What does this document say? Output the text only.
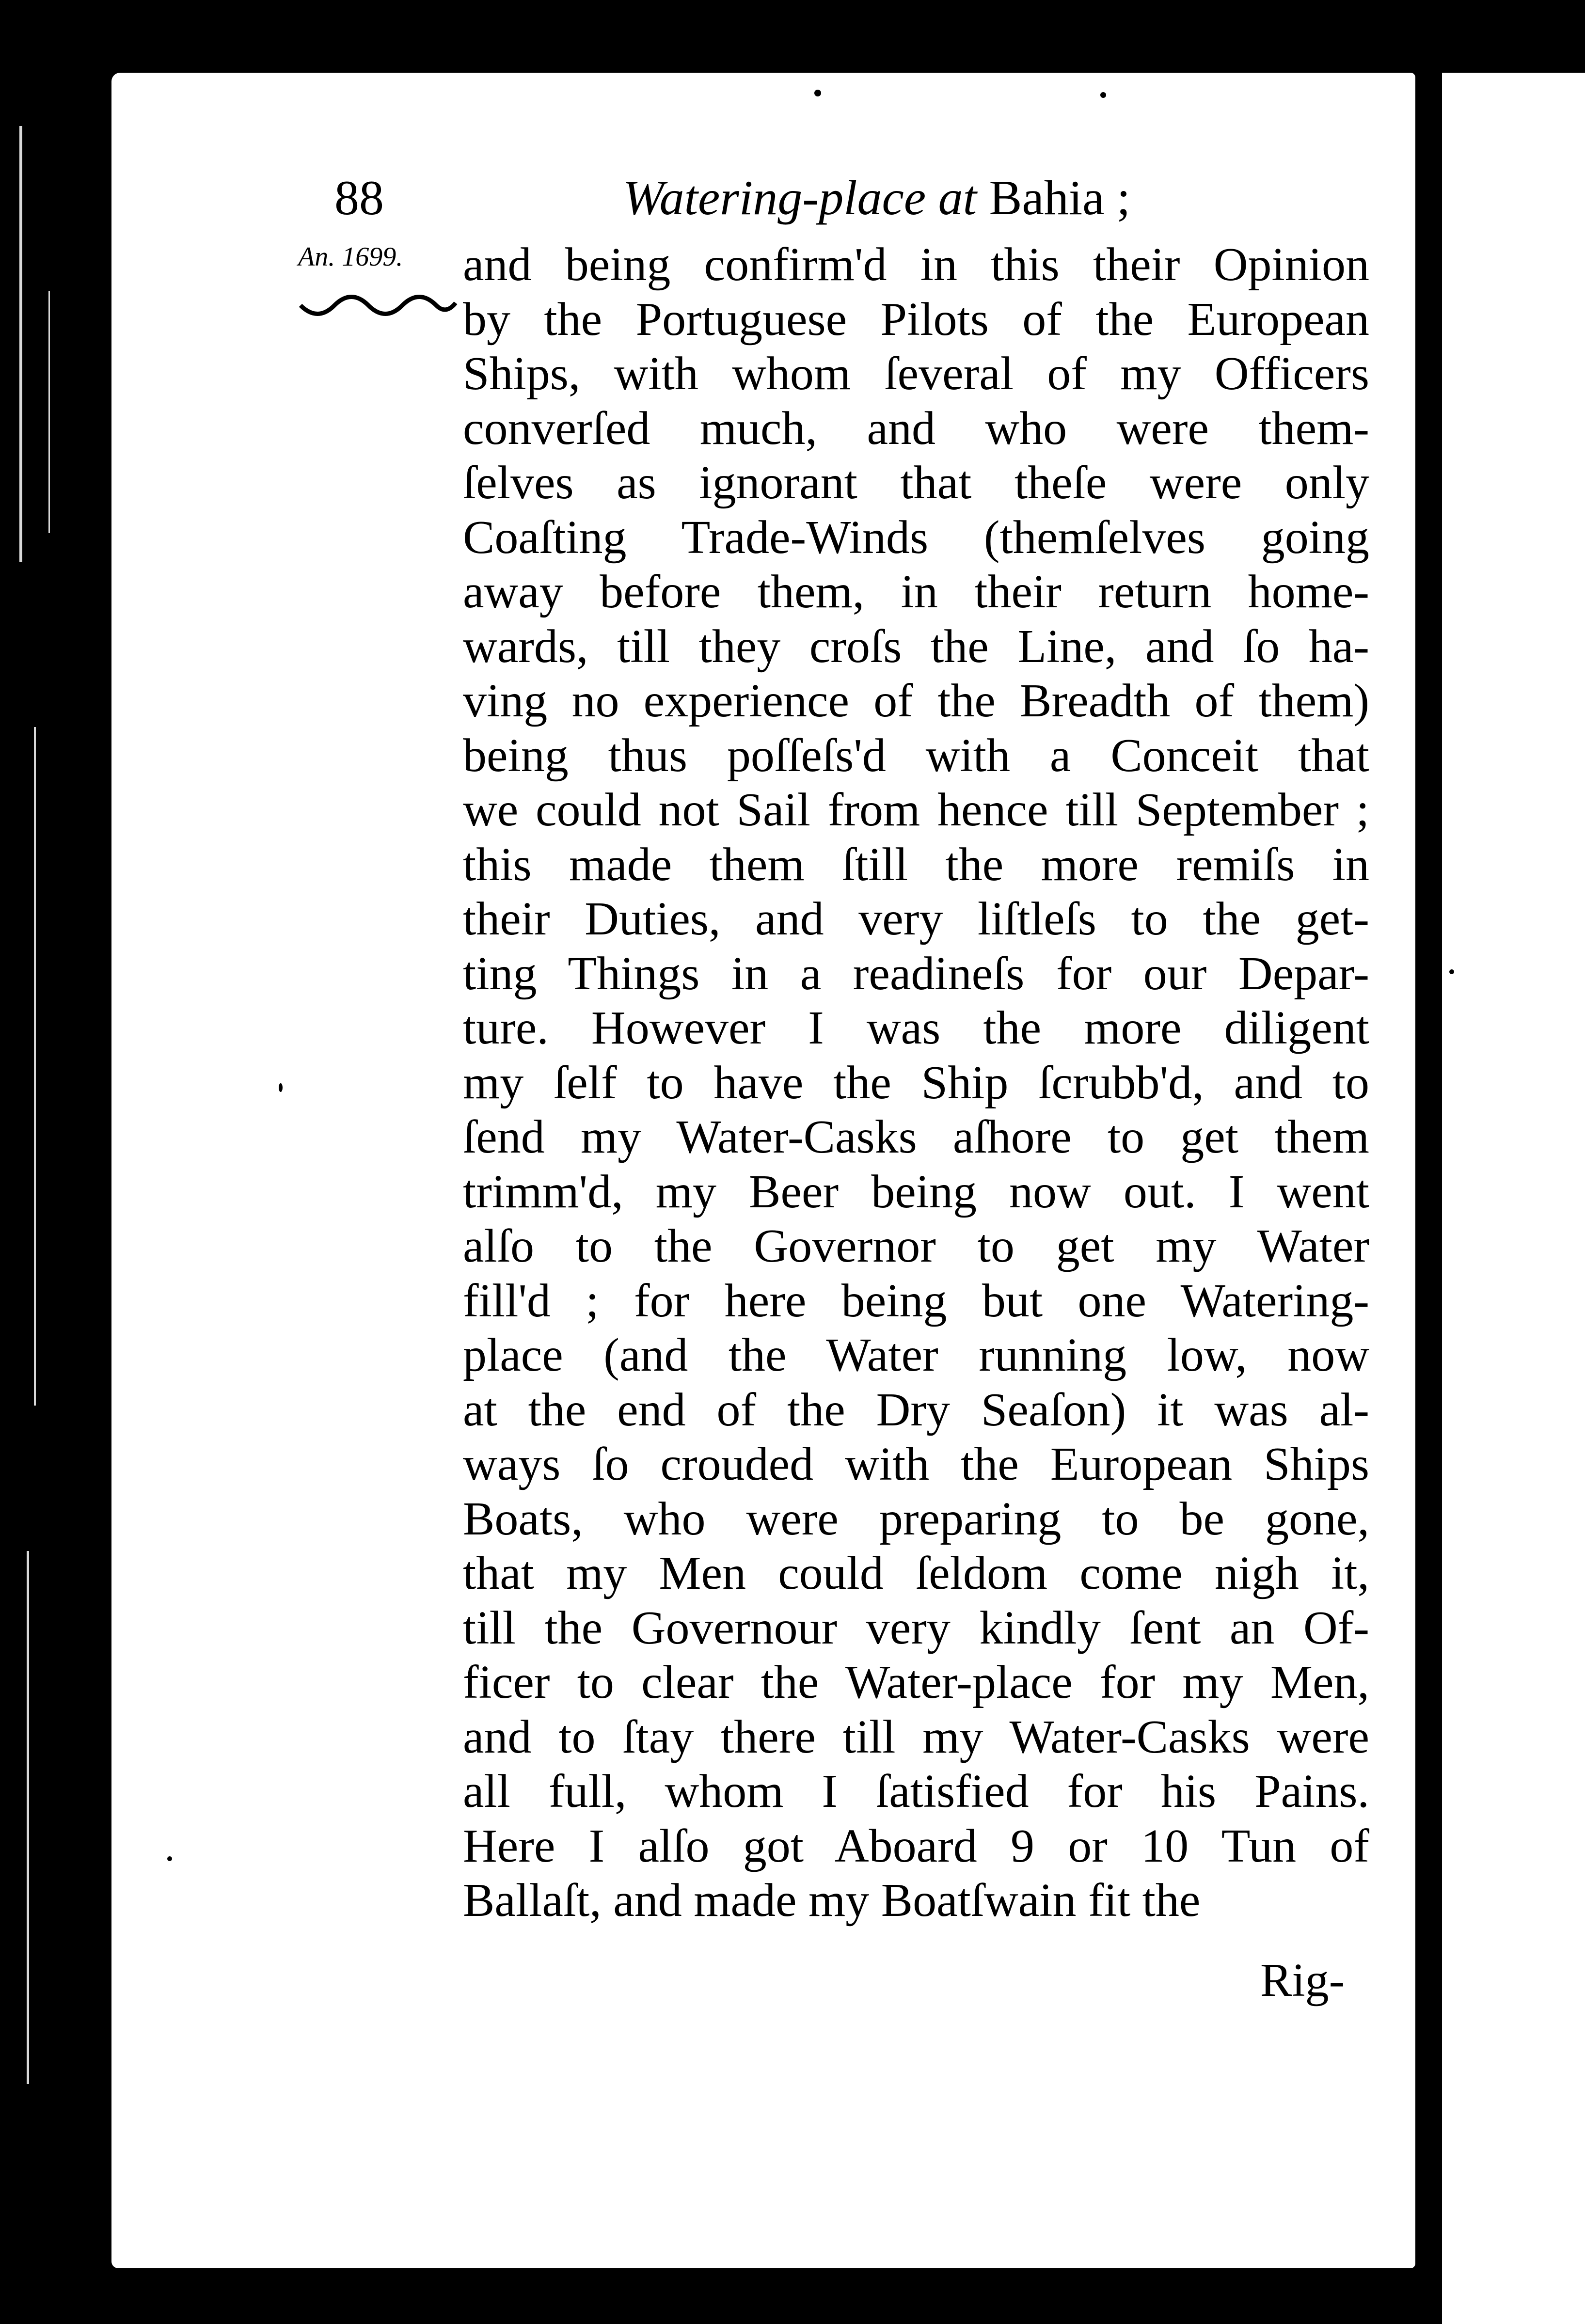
88	Watering-place at Bahia ;
An. 1699. and being confirm'd in this their Opinion
by the Portuguese Pilots of the European
Ships, with whom ſeveral of my Officers
converſed much, and who were them-
ſelves as ignorant that theſe were only
Coaſting Trade-Winds (themſelves going
away before them, in their return home-
wards, till they croſs the Line, and ſo ha-
ving no experience of the Breadth of them)
being thus poſſeſs'd with a Conceit that
we could not Sail from hence till September ;
this made them ſtill the more remiſs in
their Duties, and very liſtleſs to the get-
ting Things in a readineſs for our Depar-
ture. However I was the more diligent
my ſelf to have the Ship ſcrubb'd, and to
ſend my Water-Casks aſhore to get them
trimm'd, my Beer being now out. I went
alſo to the Governor to get my Water
fill'd ; for here being but one Watering-
place (and the Water running low, now
at the end of the Dry Seaſon) it was al-
ways ſo crouded with the European Ships
Boats, who were preparing to be gone,
that my Men could ſeldom come nigh it,
till the Governour very kindly ſent an Of-
ficer to clear the Water-place for my Men,
and to ſtay there till my Water-Casks were
all full, whom I ſatisfied for his Pains.
Here I alſo got Aboard 9 or 10 Tun of
Ballaſt, and made my Boatſwain fit the
Rig-
